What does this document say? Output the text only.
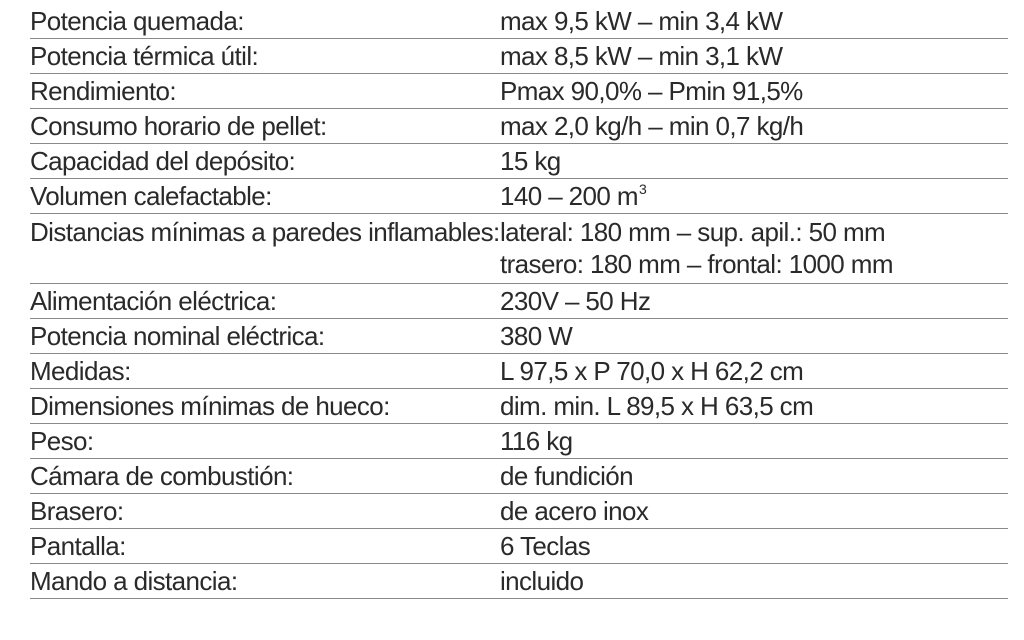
Potencia quemada:	max 9,5 kW – min 3,4 kW
Potencia térmica útil:	max 8,5 kW – min 3,1 kW
Rendimiento:	Pmax 90,0% – Pmin 91,5%
Consumo horario de pellet:	max 2,0 kg/h – min 0,7 kg/h
Capacidad del depósito:	15 kg
Volumen calefactable:	140 – 200 $m^3$
Distancias mínimas a paredes inflamables: lateral: 180 mm – sup. apil.: 50 mm
trasero: 180 mm – frontal: 1000 mm
Alimentación eléctrica:	230V – 50 Hz
Potencia nominal eléctrica:	380 W
Medidas:	L 97,5 x P 70,0 x H 62,2 cm
Dimensiones mínimas de hueco:	dim. min. L 89,5 x H 63,5 cm
Peso:	116 kg
Cámara de combustión:	de fundición
Brasero:	de acero inox
Pantalla:	6 Teclas
Mando a distancia:	incluido
